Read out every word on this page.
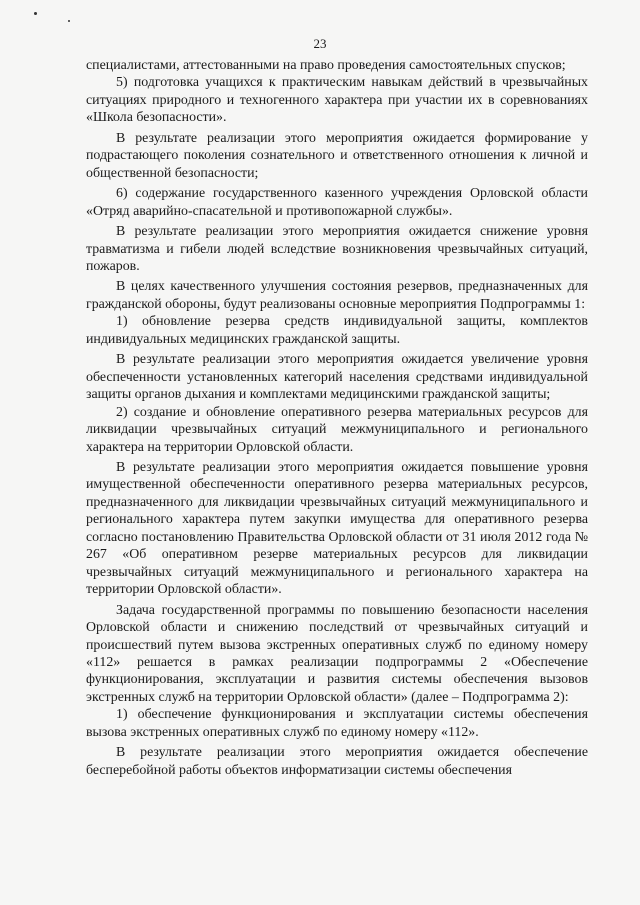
23

специалистами, аттестованными на право проведения самостоятельных спусков;

5) подготовка учащихся к практическим навыкам действий в чрезвычайных ситуациях природного и техногенного характера при участии их в соревнованиях «Школа безопасности».

В результате реализации этого мероприятия ожидается формирование у подрастающего поколения сознательного и ответственного отношения к личной и общественной безопасности;

6) содержание государственного казенного учреждения Орловской области «Отряд аварийно-спасательной и противопожарной службы».

В результате реализации этого мероприятия ожидается снижение уровня травматизма и гибели людей вследствие возникновения чрезвычайных ситуаций, пожаров.

В целях качественного улучшения состояния резервов, предназначенных для гражданской обороны, будут реализованы основные мероприятия Подпрограммы 1:

1) обновление резерва средств индивидуальной защиты, комплектов индивидуальных медицинских гражданской защиты.

В результате реализации этого мероприятия ожидается увеличение уровня обеспеченности установленных категорий населения средствами индивидуальной защиты органов дыхания и комплектами медицинскими гражданской защиты;

2) создание и обновление оперативного резерва материальных ресурсов для ликвидации чрезвычайных ситуаций межмуниципального и регионального характера на территории Орловской области.

В результате реализации этого мероприятия ожидается повышение уровня имущественной обеспеченности оперативного резерва материальных ресурсов, предназначенного для ликвидации чрезвычайных ситуаций межмуниципального и регионального характера путем закупки имущества для оперативного резерва согласно постановлению Правительства Орловской области от 31 июля 2012 года № 267 «Об оперативном резерве материальных ресурсов для ликвидации чрезвычайных ситуаций межмуниципального и регионального характера на территории Орловской области».

Задача государственной программы по повышению безопасности населения Орловской области и снижению последствий от чрезвычайных ситуаций и происшествий путем вызова экстренных оперативных служб по единому номеру «112» решается в рамках реализации подпрограммы 2 «Обеспечение функционирования, эксплуатации и развития системы обеспечения вызовов экстренных служб на территории Орловской области» (далее – Подпрограмма 2):

1) обеспечение функционирования и эксплуатации системы обеспечения вызова экстренных оперативных служб по единому номеру «112».

В результате реализации этого мероприятия ожидается обеспечение бесперебойной работы объектов информатизации системы обеспечения
